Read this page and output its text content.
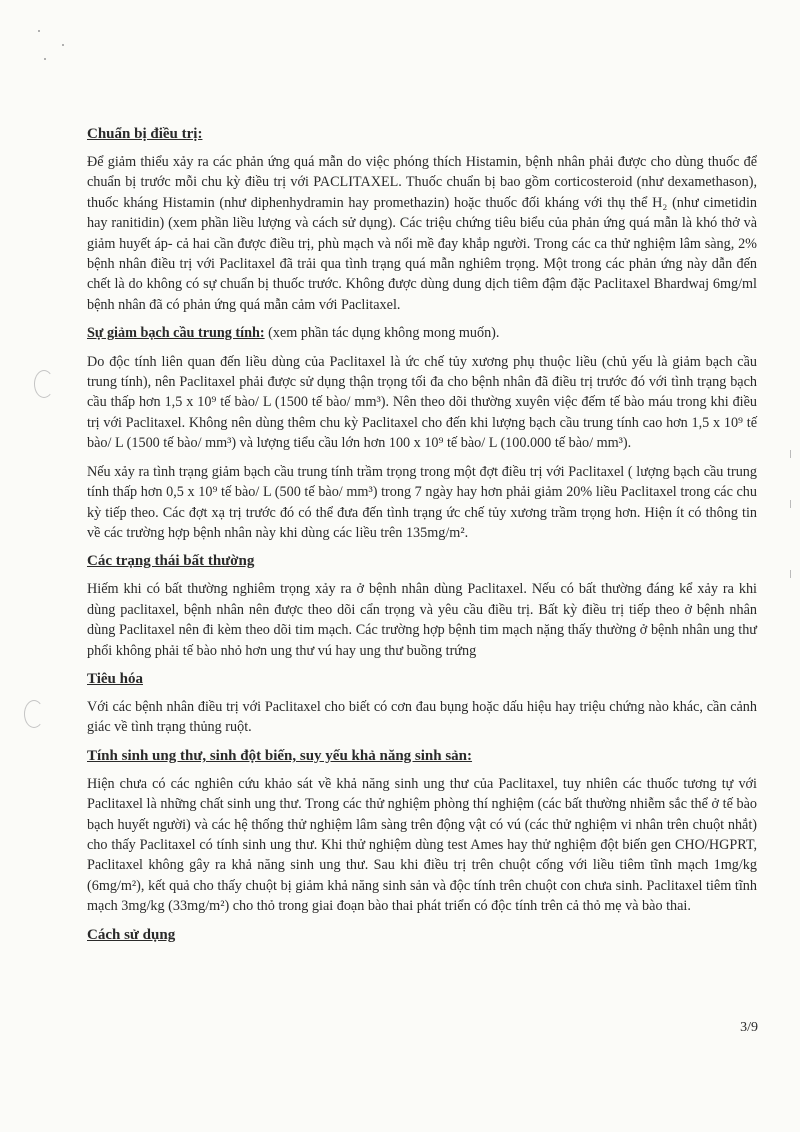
Chuẩn bị điều trị:

Để giảm thiểu xảy ra các phản ứng quá mẫn do việc phóng thích Histamin, bệnh nhân phải được cho dùng thuốc để chuẩn bị trước mỗi chu kỳ điều trị với PACLITAXEL. Thuốc chuẩn bị bao gồm corticosteroid (như dexamethason), thuốc kháng Histamin (như diphenhydramin hay promethazin) hoặc thuốc đối kháng với thụ thể H₂ (như cimetidin hay ranitidin) (xem phần liều lượng và cách sử dụng). Các triệu chứng tiêu biểu của phản ứng quá mẫn là khó thở và giảm huyết áp- cả hai cần được điều trị, phù mạch và nổi mề đay khắp người. Trong các ca thử nghiệm lâm sàng, 2% bệnh nhân điều trị với Paclitaxel đã trải qua tình trạng quá mẫn nghiêm trọng. Một trong các phản ứng này dẫn đến chết là do không có sự chuẩn bị thuốc trước. Không được dùng dung dịch tiêm đậm đặc Paclitaxel Bhardwaj 6mg/ml bệnh nhân đã có phản ứng quá mẫn cảm với Paclitaxel.

Sự giảm bạch cầu trung tính: (xem phần tác dụng không mong muốn).

Do độc tính liên quan đến liều dùng của Paclitaxel là ức chế tủy xương phụ thuộc liều (chủ yếu là giảm bạch cầu trung tính), nên Paclitaxel phải được sử dụng thận trọng tối đa cho bệnh nhân đã điều trị trước đó với tình trạng bạch cầu thấp hơn 1,5 x 10⁹ tế bào/ L (1500 tế bào/ mm³). Nên theo dõi thường xuyên việc đếm tế bào máu trong khi điều trị với Paclitaxel. Không nên dùng thêm chu kỳ Paclitaxel cho đến khi lượng bạch cầu trung tính cao hơn 1,5 x 10⁹ tế bào/ L (1500 tế bào/ mm³) và lượng tiểu cầu lớn hơn 100 x 10⁹ tế bào/ L (100.000 tế bào/ mm³).

Nếu xảy ra tình trạng giảm bạch cầu trung tính trầm trọng trong một đợt điều trị với Paclitaxel ( lượng bạch cầu trung tính thấp hơn 0,5 x 10⁹ tế bào/ L (500 tế bào/ mm³) trong 7 ngày hay hơn phải giảm 20% liều Paclitaxel trong các chu kỳ tiếp theo. Các đợt xạ trị trước đó có thể đưa đến tình trạng ức chế tủy xương trầm trọng hơn. Hiện ít có thông tin về các trường hợp bệnh nhân này khi dùng các liều trên 135mg/m².

Các trạng thái bất thường

Hiếm khi có bất thường nghiêm trọng xảy ra ở bệnh nhân dùng Paclitaxel. Nếu có bất thường đáng kể xảy ra khi dùng paclitaxel, bệnh nhân nên được theo dõi cẩn trọng và yêu cầu điều trị. Bất kỳ điều trị tiếp theo ở bệnh nhân dùng Paclitaxel nên đi kèm theo dõi tim mạch. Các trường hợp bệnh tim mạch nặng thấy thường ở bệnh nhân ung thư phổi không phải tế bào nhỏ hơn ung thư vú hay ung thư buồng trứng

Tiêu hóa

Với các bệnh nhân điều trị với Paclitaxel cho biết có cơn đau bụng hoặc dấu hiệu hay triệu chứng nào khác, cần cảnh giác về tình trạng thủng ruột.

Tính sinh ung thư, sinh đột biến, suy yếu khả năng sinh sản:

Hiện chưa có các nghiên cứu khảo sát về khả năng sinh ung thư của Paclitaxel, tuy nhiên các thuốc tương tự với Paclitaxel là những chất sinh ung thư. Trong các thử nghiệm phòng thí nghiệm (các bất thường nhiễm sắc thể ở tế bào bạch huyết người) và các hệ thống thử nghiệm lâm sàng trên động vật có vú (các thử nghiệm vi nhân trên chuột nhắt) cho thấy Paclitaxel có tính sinh ung thư. Khi thử nghiệm dùng test Ames hay thử nghiệm đột biến gen CHO/HGPRT, Paclitaxel không gây ra khả năng sinh ung thư. Sau khi điều trị trên chuột cống với liều tiêm tĩnh mạch 1mg/kg (6mg/m²), kết quả cho thấy chuột bị giảm khả năng sinh sản và độc tính trên chuột con chưa sinh. Paclitaxel tiêm tĩnh mạch 3mg/kg (33mg/m²) cho thỏ trong giai đoạn bào thai phát triển có độc tính trên cả thỏ mẹ và bào thai.

Cách sử dụng
3/9
